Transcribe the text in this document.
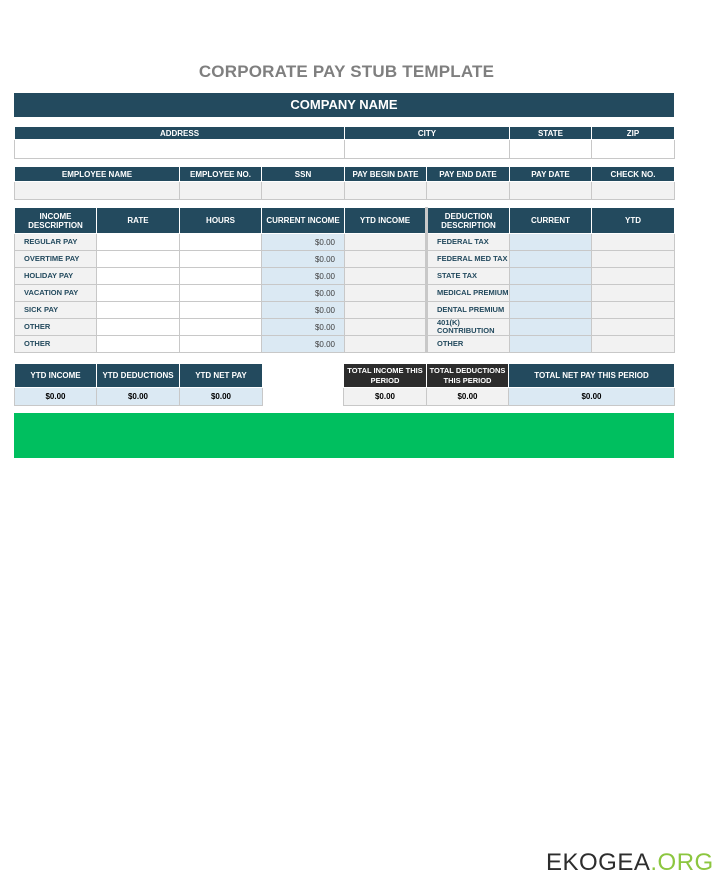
CORPORATE PAY STUB TEMPLATE
COMPANY NAME
ADDRESS	CITY	STATE	ZIP

EMPLOYEE NAME	EMPLOYEE NO.	SSN	PAY BEGIN DATE	PAY END DATE	PAY DATE	CHECK NO.

INCOME DESCRIPTION	RATE	HOURS	CURRENT INCOME	YTD INCOME	DEDUCTION DESCRIPTION	CURRENT	YTD
REGULAR PAY			$0.00		FEDERAL TAX		
OVERTIME PAY			$0.00		FEDERAL MED TAX		
HOLIDAY PAY			$0.00		STATE TAX		
VACATION PAY			$0.00		MEDICAL PREMIUM		
SICK PAY			$0.00		DENTAL PREMIUM		
OTHER			$0.00		401(K) CONTRIBUTION		
OTHER			$0.00		OTHER		
YTD INCOME	YTD DEDUCTIONS	YTD NET PAY
$0.00	$0.00	$0.00
TOTAL INCOME THIS PERIOD	TOTAL DEDUCTIONS THIS PERIOD	TOTAL NET PAY THIS PERIOD
$0.00	$0.00	$0.00
EKOGEA.ORG
